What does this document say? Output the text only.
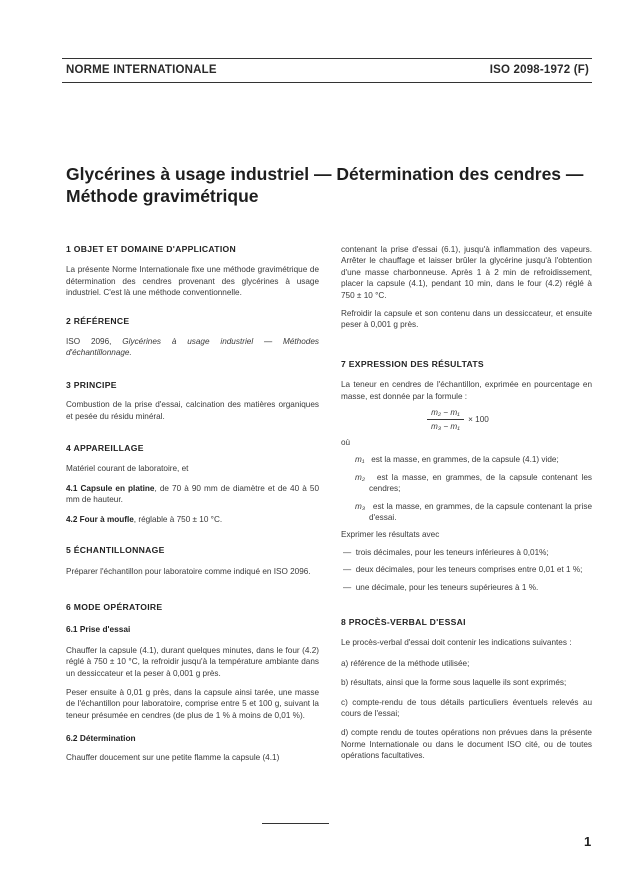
NORME INTERNATIONALE	ISO 2098-1972 (F)
Glycérines à usage industriel — Détermination des cendres —
Méthode gravimétrique
1 OBJET ET DOMAINE D'APPLICATION

La présente Norme Internationale fixe une méthode gravimétrique de détermination des cendres provenant des glycérines à usage industriel. C'est là une méthode conventionnelle.

2 RÉFÉRENCE

ISO 2096, Glycérines à usage industriel — Méthodes d'échantillonnage.

3 PRINCIPE

Combustion de la prise d'essai, calcination des matières organiques et pesée du résidu minéral.

4 APPAREILLAGE

Matériel courant de laboratoire, et

4.1 Capsule en platine, de 70 à 90 mm de diamètre et de 40 à 50 mm de hauteur.

4.2 Four à moufle, réglable à 750 ± 10 °C.

5 ÉCHANTILLONNAGE

Préparer l'échantillon pour laboratoire comme indiqué en ISO 2096.

6 MODE OPÉRATOIRE
6.1 Prise d'essai

Chauffer la capsule (4.1), durant quelques minutes, dans le four (4.2) réglé à 750 ± 10 °C, la refroidir jusqu'à la température ambiante dans un dessiccateur et la peser à 0,001 g près.

Peser ensuite à 0,01 g près, dans la capsule ainsi tarée, une masse de l'échantillon pour laboratoire, comprise entre 5 et 100 g, suivant la teneur présumée en cendres (de plus de 1 % à moins de 0,01 %).

6.2 Détermination

Chauffer doucement sur une petite flamme la capsule (4.1)

contenant la prise d'essai (6.1), jusqu'à inflammation des vapeurs. Arrêter le chauffage et laisser brûler la glycérine jusqu'à l'obtention d'une masse charbonneuse. Après 1 à 2 min de refroidissement, placer la capsule (4.1), pendant 10 min, dans le four (4.2) réglé à 750 ± 10 °C.

Refroidir la capsule et son contenu dans un dessiccateur, et ensuite peser à 0,001 g près.

7 EXPRESSION DES RÉSULTATS

La teneur en cendres de l'échantillon, exprimée en pourcentage en masse, est donnée par la formule :

$\frac{\text{m₂ − m₁}}{\text{m₃ − m₁}} \times 100$

où

m₁ est la masse, en grammes, de la capsule (4.1) vide;

m₂ est la masse, en grammes, de la capsule contenant les cendres;

m₃ est la masse, en grammes, de la capsule contenant la prise d'essai.

Exprimer les résultats avec

—  trois décimales, pour les teneurs inférieures à 0,01%;

—  deux décimales, pour les teneurs comprises entre 0,01 et 1 %;

—  une décimale, pour les teneurs supérieures à 1 %.

8 PROCÈS-VERBAL D'ESSAI

Le procès-verbal d'essai doit contenir les indications suivantes :

a) référence de la méthode utilisée;

b) résultats, ainsi que la forme sous laquelle ils sont exprimés;

c) compte-rendu de tous détails particuliers éventuels relevés au cours de l'essai;

d) compte rendu de toutes opérations non prévues dans la présente Norme Internationale ou dans le document ISO cité, ou de toutes opérations facultatives.

1
